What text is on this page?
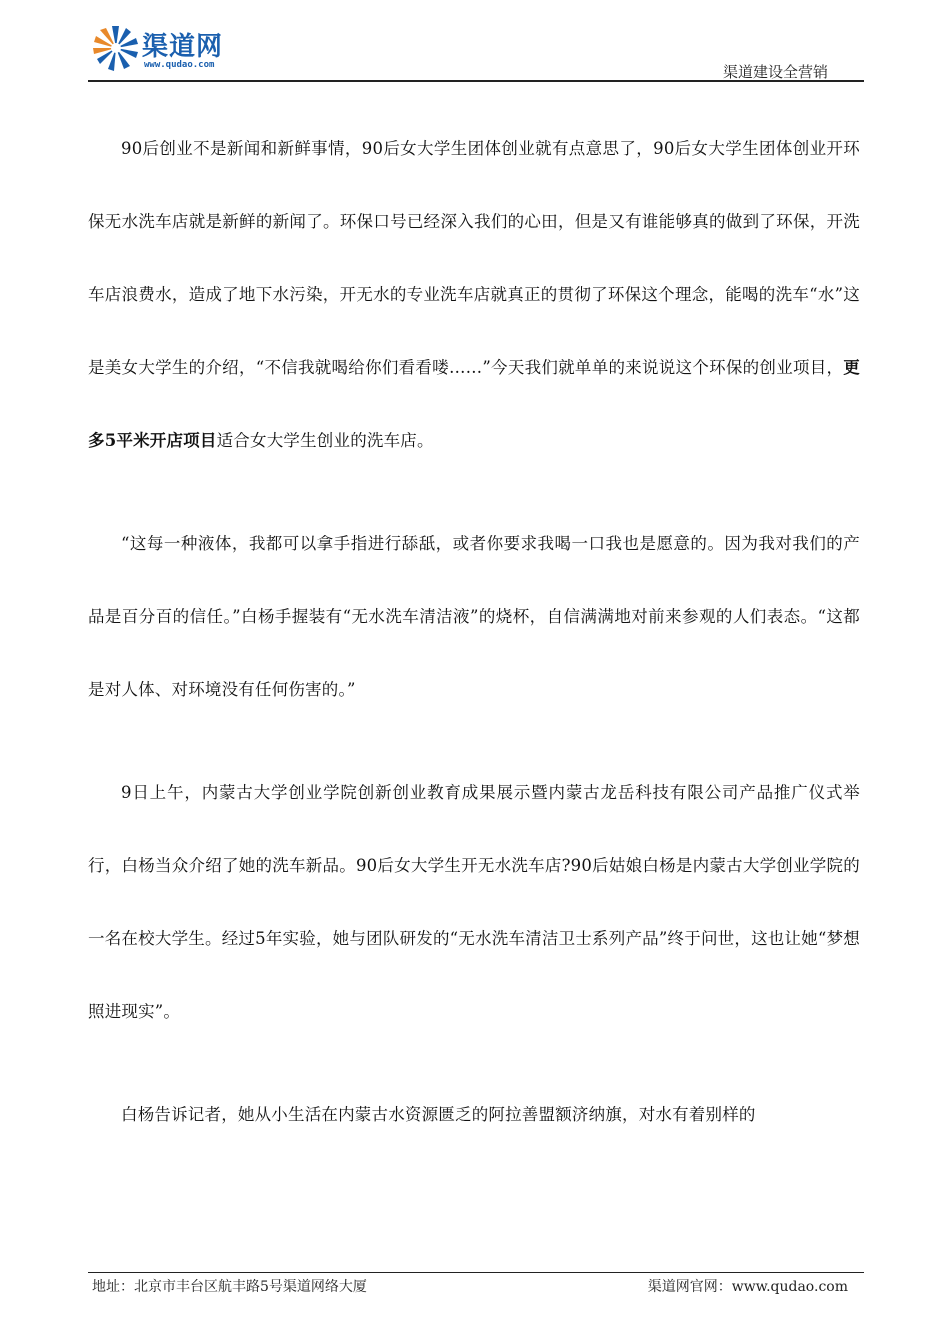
渠道网
www.qudao.com	渠道建设全营销

90后创业不是新闻和新鲜事情，90后女大学生团体创业就有点意思了，90后女大学生团体创业开环保无水洗车店就是新鲜的新闻了。环保口号已经深入我们的心田，但是又有谁能够真的做到了环保，开洗车店浪费水，造成了地下水污染，开无水的专业洗车店就真正的贯彻了环保这个理念，能喝的洗车“水”这是美女大学生的介绍，“不信我就喝给你们看看喽……”今天我们就单单的来说说这个环保的创业项目，更多5平米开店项目适合女大学生创业的洗车店。

“这每一种液体，我都可以拿手指进行舔舐，或者你要求我喝一口我也是愿意的。因为我对我们的产品是百分百的信任。”白杨手握装有“无水洗车清洁液”的烧杯，自信满满地对前来参观的人们表态。“这都是对人体、对环境没有任何伤害的。”

9日上午，内蒙古大学创业学院创新创业教育成果展示暨内蒙古龙岳科技有限公司产品推广仪式举行，白杨当众介绍了她的洗车新品。90后女大学生开无水洗车店?90后姑娘白杨是内蒙古大学创业学院的一名在校大学生。经过5年实验，她与团队研发的“无水洗车清洁卫士系列产品”终于问世，这也让她“梦想照进现实”。

白杨告诉记者，她从小生活在内蒙古水资源匮乏的阿拉善盟额济纳旗，对水有着别样的

地址：北京市丰台区航丰路5号渠道网络大厦	渠道网官网：www.qudao.com
